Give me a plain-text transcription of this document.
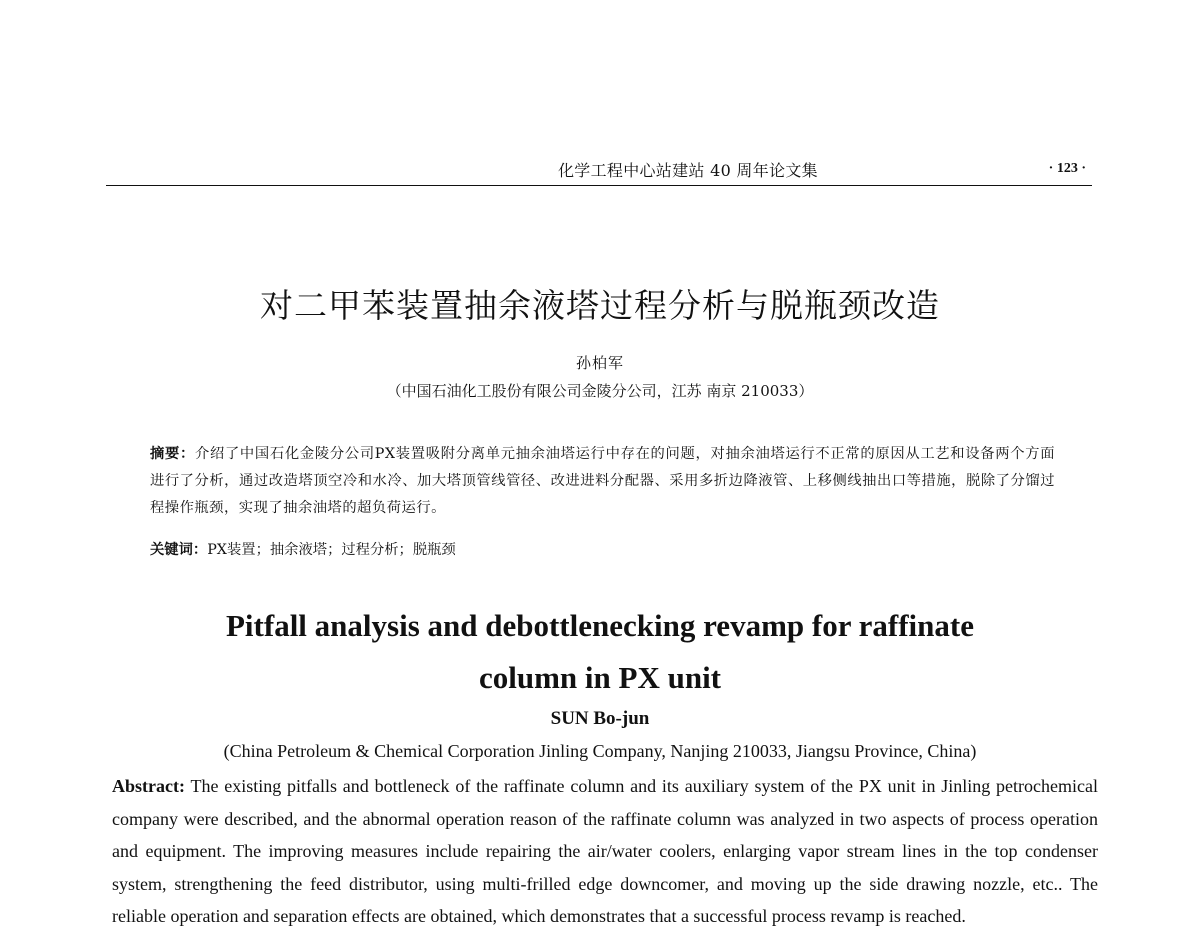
化学工程中心站建站 40 周年论文集	· 123 ·
对二甲苯装置抽余液塔过程分析与脱瓶颈改造
孙柏军
（中国石油化工股份有限公司金陵分公司，江苏 南京 210033）
摘要：介绍了中国石化金陵分公司PX装置吸附分离单元抽余油塔运行中存在的问题，对抽余油塔运行不正常的原因从工艺和设备两个方面进行了分析，通过改造塔顶空冷和水冷、加大塔顶管线管径、改进进料分配器、采用多折边降液管、上移侧线抽出口等措施，脱除了分馏过程操作瓶颈，实现了抽余油塔的超负荷运行。
关键词：PX装置；抽余液塔；过程分析；脱瓶颈
Pitfall analysis and debottlenecking revamp for raffinate
column in PX unit
SUN Bo-jun
(China Petroleum & Chemical Corporation Jinling Company, Nanjing 210033, Jiangsu Province, China)
Abstract: The existing pitfalls and bottleneck of the raffinate column and its auxiliary system of the PX unit in Jinling petrochemical company were described, and the abnormal operation reason of the raffinate column was analyzed in two aspects of process operation and equipment. The improving measures include repairing the air/water coolers, enlarging vapor stream lines in the top condenser system, strengthening the feed distributor, using multi-frilled edge downcomer, and moving up the side drawing nozzle, etc.. The reliable operation and separation effects are obtained, which demonstrates that a successful process revamp is reached.
